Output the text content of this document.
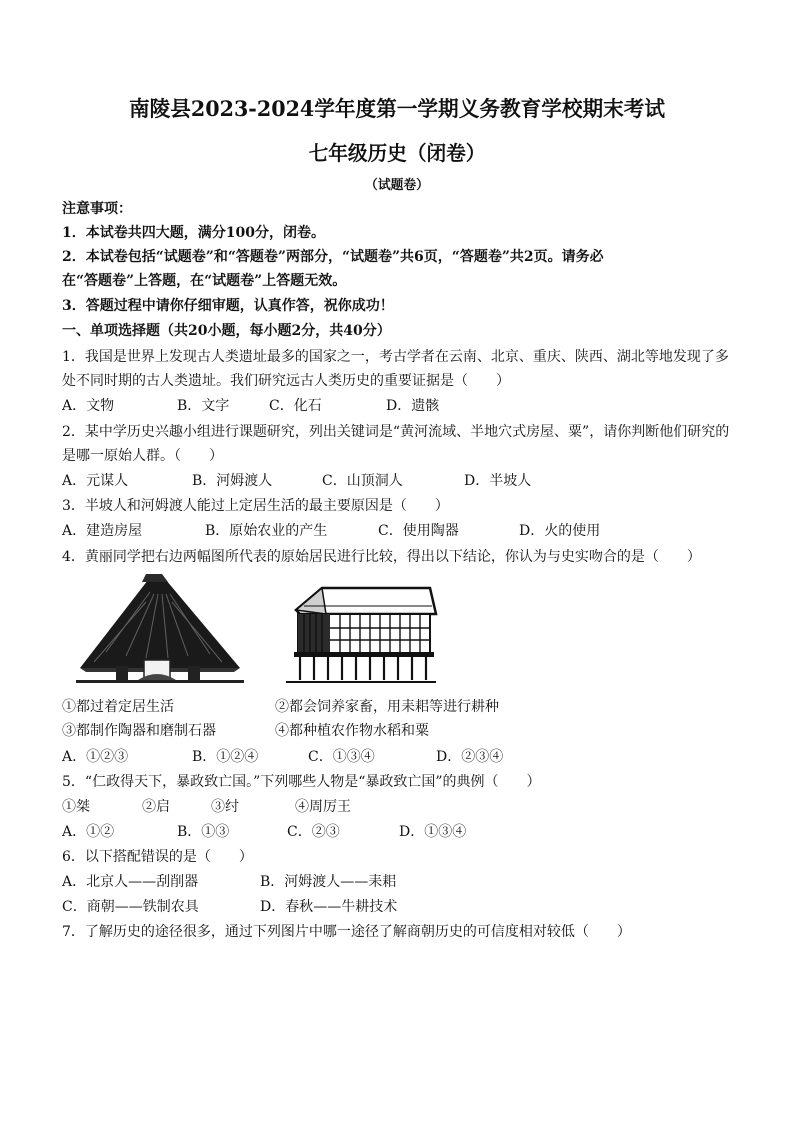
南陵县2023-2024学年度第一学期义务教育学校期末考试
七年级历史（闭卷）
（试题卷）
注意事项：
1．本试卷共四大题，满分100分，闭卷。
2．本试卷包括“试题卷”和“答题卷”两部分，“试题卷”共6页，“答题卷”共2页。请务必
在“答题卷”上答题，在“试题卷”上答题无效。
3．答题过程中请你仔细审题，认真作答，祝你成功！
一、单项选择题（共20小题，每小题2分，共40分）
1．我国是世界上发现古人类遗址最多的国家之一，考古学者在云南、北京、重庆、陕西、湖北等地发现了多
处不同时期的古人类遗址。我们研究远古人类历史的重要证据是（　　）
A．文物	B．文字	C．化石	D．遗骸
2．某中学历史兴趣小组进行课题研究，列出关键词是“黄河流域、半地穴式房屋、粟”，请你判断他们研究的
是哪一原始人群。（　　）
A．元谋人	B．河姆渡人	C．山顶洞人	D．半坡人
3．半坡人和河姆渡人能过上定居生活的最主要原因是（　　）
A．建造房屋	B．原始农业的产生	C．使用陶器	D．火的使用
4．黄丽同学把右边两幅图所代表的原始居民进行比较，得出以下结论，你认为与史实吻合的是（　　）
①都过着定居生活	②都会饲养家畜，用耒耜等进行耕种
③都制作陶器和磨制石器	④都种植农作物水稻和粟
A．①②③	B．①②④	C．①③④	D．②③④
5．“仁政得天下，暴政致亡国。”下列哪些人物是“暴政致亡国”的典例（　　）
①桀	②启	③纣	④周厉王
A．①②	B．①③	C．②③	D．①③④
6．以下搭配错误的是（　　）
A．北京人——刮削器	B．河姆渡人——耒耜
C．商朝——铁制农具	D．春秋——牛耕技术
7．了解历史的途径很多，通过下列图片中哪一途径了解商朝历史的可信度相对较低（　　）
